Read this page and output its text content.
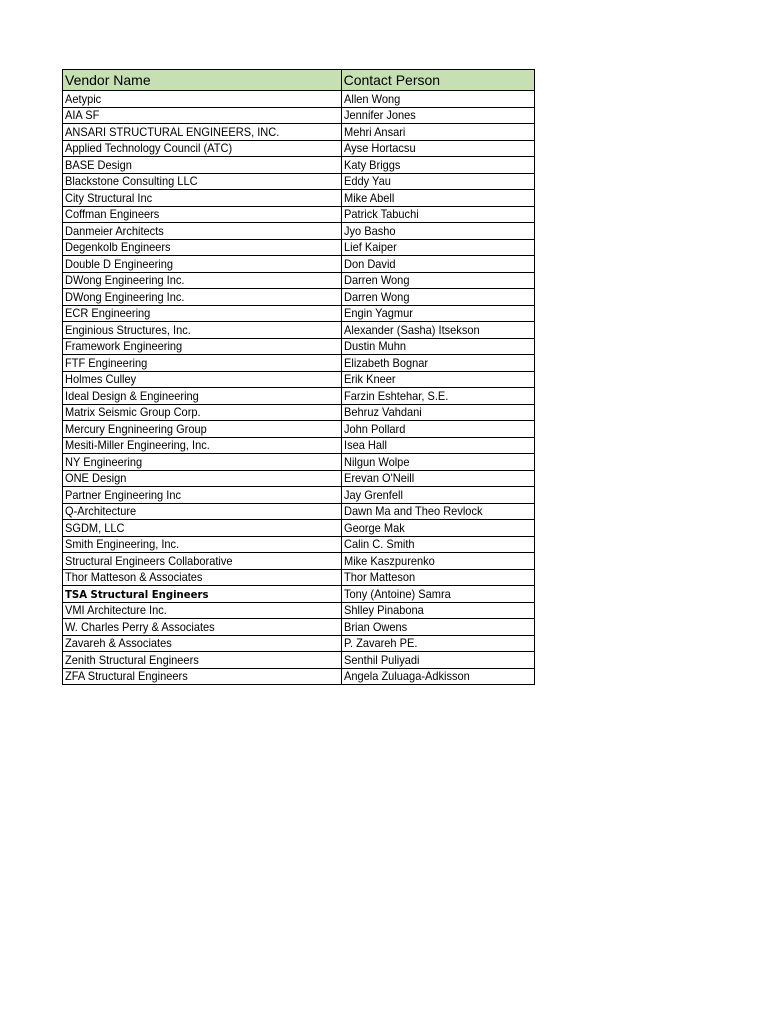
Vendor Name	Contact Person
Aetypic	Allen Wong
AIA SF	Jennifer Jones
ANSARI STRUCTURAL ENGINEERS, INC.	Mehri Ansari
Applied Technology Council (ATC)	Ayse Hortacsu
BASE Design	Katy Briggs
Blackstone Consulting LLC	Eddy Yau
City Structural Inc	Mike Abell
Coffman Engineers	Patrick Tabuchi
Danmeier Architects	Jyo Basho
Degenkolb Engineers	Lief Kaiper
Double D Engineering	Don David
DWong Engineering Inc.	Darren Wong
DWong Engineering Inc.	Darren Wong
ECR Engineering	Engin Yagmur
Enginious Structures, Inc.	Alexander (Sasha) Itsekson
Framework Engineering	Dustin Muhn
FTF Engineering	Elizabeth Bognar
Holmes Culley	Erik Kneer
Ideal Design & Engineering	Farzin Eshtehar, S.E.
Matrix Seismic Group Corp.	Behruz Vahdani
Mercury Engnineering Group	John Pollard
Mesiti-Miller Engineering, Inc.	Isea Hall
NY Engineering	Nilgun Wolpe
ONE Design	Erevan O'Neill
Partner Engineering Inc	Jay Grenfell
Q-Architecture	Dawn Ma and Theo Revlock
SGDM, LLC	George Mak
Smith Engineering, Inc.	Calin C. Smith
Structural Engineers Collaborative	Mike Kaszpurenko
Thor Matteson & Associates	Thor Matteson
TSA Structural Engineers	Tony (Antoine) Samra
VMI Architecture Inc.	Shlley Pinabona
W. Charles Perry & Associates	Brian Owens
Zavareh & Associates	P. Zavareh PE.
Zenith Structural Engineers	Senthil Puliyadi
ZFA Structural Engineers	Angela Zuluaga-Adkisson
